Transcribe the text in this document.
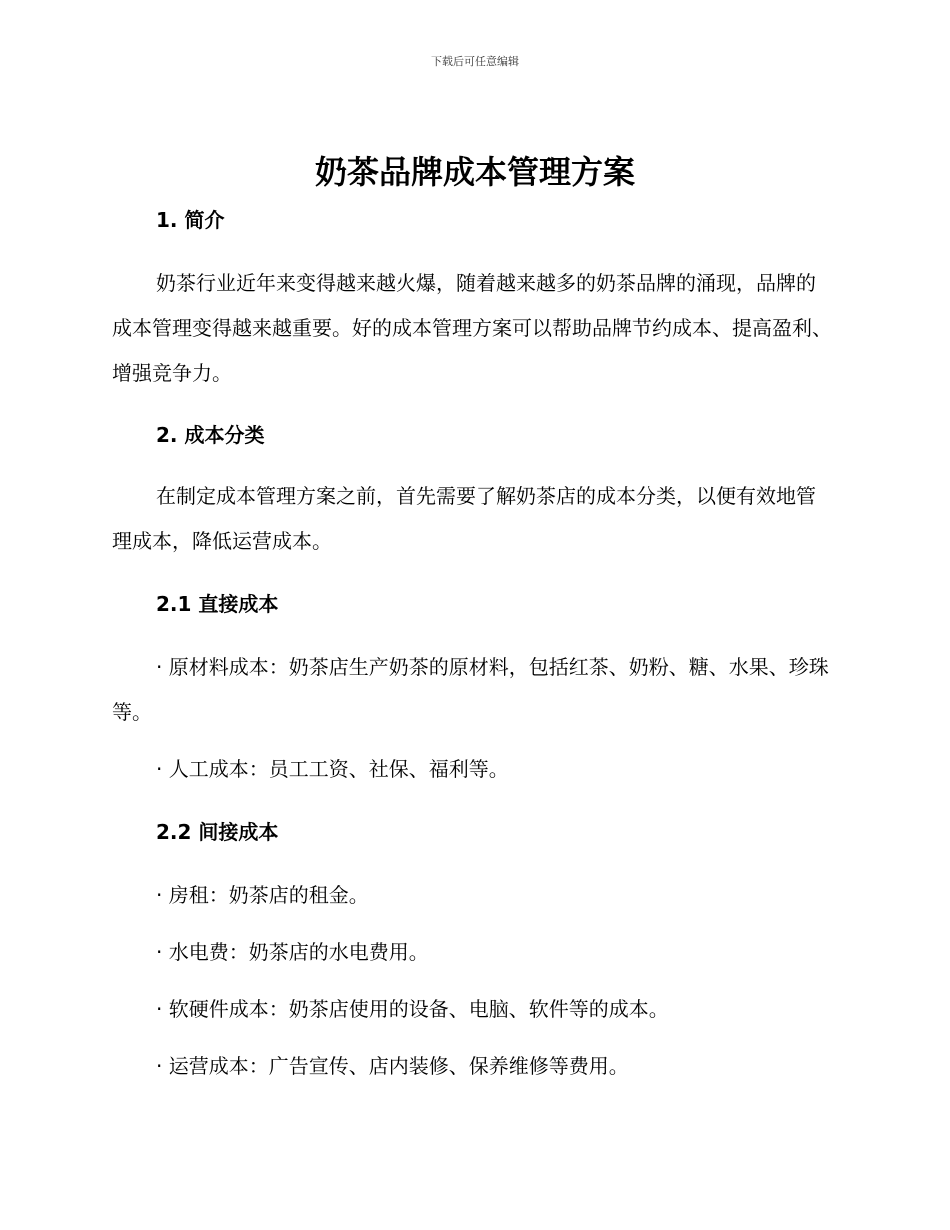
下载后可任意编辑
奶茶品牌成本管理方案

1. 简介

奶茶行业近年来变得越来越火爆，随着越来越多的奶茶品牌的涌现，品牌的成本管理变得越来越重要。好的成本管理方案可以帮助品牌节约成本、提高盈利、增强竞争力。

2. 成本分类

在制定成本管理方案之前，首先需要了解奶茶店的成本分类，以便有效地管理成本，降低运营成本。

2.1 直接成本

· 原材料成本：奶茶店生产奶茶的原材料，包括红茶、奶粉、糖、水果、珍珠等。

· 人工成本：员工工资、社保、福利等。

2.2 间接成本

· 房租：奶茶店的租金。

· 水电费：奶茶店的水电费用。

· 软硬件成本：奶茶店使用的设备、电脑、软件等的成本。

· 运营成本：广告宣传、店内装修、保养维修等费用。
